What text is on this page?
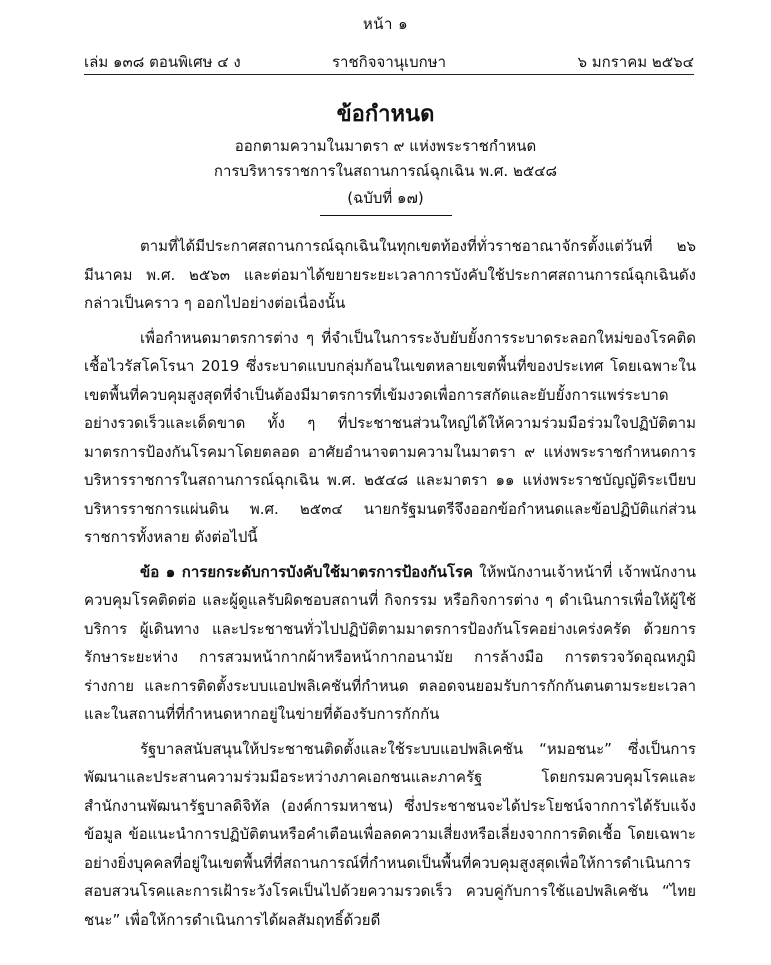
หน้า ๑
เล่ม ๑๓๘ ตอนพิเศษ ๔ ง	ราชกิจจานุเบกษา	๖ มกราคม ๒๕๖๔
ข้อกำหนด
ออกตามความในมาตรา ๙ แห่งพระราชกำหนด
การบริหารราชการในสถานการณ์ฉุกเฉิน พ.ศ. ๒๕๔๘
(ฉบับที่ ๑๗)

ตามที่ได้มีประกาศสถานการณ์ฉุกเฉินในทุกเขตท้องที่ทั่วราชอาณาจักรตั้งแต่วันที่ ๒๖ มีนาคม พ.ศ. ๒๕๖๓ และต่อมาได้ขยายระยะเวลาการบังคับใช้ประกาศสถานการณ์ฉุกเฉินดังกล่าวเป็นคราว ๆ ออกไปอย่างต่อเนื่องนั้น

เพื่อกำหนดมาตรการต่าง ๆ ที่จำเป็นในการระงับยับยั้งการระบาดระลอกใหม่ของโรคติดเชื้อไวรัสโคโรนา 2019 ซึ่งระบาดแบบกลุ่มก้อนในเขตหลายเขตพื้นที่ของประเทศ โดยเฉพาะในเขตพื้นที่ควบคุมสูงสุดที่จำเป็นต้องมีมาตรการที่เข้มงวดเพื่อการสกัดและยับยั้งการแพร่ระบาดอย่างรวดเร็วและเด็ดขาด ทั้ง ๆ ที่ประชาชนส่วนใหญ่ได้ให้ความร่วมมือร่วมใจปฏิบัติตามมาตรการป้องกันโรคมาโดยตลอด อาศัยอำนาจตามความในมาตรา ๙ แห่งพระราชกำหนดการบริหารราชการในสถานการณ์ฉุกเฉิน พ.ศ. ๒๕๔๘ และมาตรา ๑๑ แห่งพระราชบัญญัติระเบียบบริหารราชการแผ่นดิน พ.ศ. ๒๕๓๔ นายกรัฐมนตรีจึงออกข้อกำหนดและข้อปฏิบัติแก่ส่วนราชการทั้งหลาย ดังต่อไปนี้

ข้อ ๑ การยกระดับการบังคับใช้มาตรการป้องกันโรค ให้พนักงานเจ้าหน้าที่ เจ้าพนักงานควบคุมโรคติดต่อ และผู้ดูแลรับผิดชอบสถานที่ กิจกรรม หรือกิจการต่าง ๆ ดำเนินการเพื่อให้ผู้ใช้บริการ ผู้เดินทาง และประชาชนทั่วไปปฏิบัติตามมาตรการป้องกันโรคอย่างเคร่งครัด ด้วยการรักษาระยะห่าง การสวมหน้ากากผ้าหรือหน้ากากอนามัย การล้างมือ การตรวจวัดอุณหภูมิร่างกาย และการติดตั้งระบบแอปพลิเคชันที่กำหนด ตลอดจนยอมรับการกักกันตนตามระยะเวลาและในสถานที่ที่กำหนดหากอยู่ในข่ายที่ต้องรับการกักกัน

รัฐบาลสนับสนุนให้ประชาชนติดตั้งและใช้ระบบแอปพลิเคชัน “หมอชนะ” ซึ่งเป็นการพัฒนาและประสานความร่วมมือระหว่างภาคเอกชนและภาครัฐ โดยกรมควบคุมโรคและสำนักงานพัฒนารัฐบาลดิจิทัล (องค์การมหาชน) ซึ่งประชาชนจะได้ประโยชน์จากการได้รับแจ้งข้อมูล ข้อแนะนำการปฏิบัติตนหรือคำเตือนเพื่อลดความเสี่ยงหรือเลี่ยงจากการติดเชื้อ โดยเฉพาะอย่างยิ่งบุคคลที่อยู่ในเขตพื้นที่ที่สถานการณ์ที่กำหนดเป็นพื้นที่ควบคุมสูงสุดเพื่อให้การดำเนินการสอบสวนโรคและการเฝ้าระวังโรคเป็นไปด้วยความรวดเร็ว ควบคู่กับการใช้แอปพลิเคชัน “ไทยชนะ” เพื่อให้การดำเนินการได้ผลสัมฤทธิ์ด้วยดี
